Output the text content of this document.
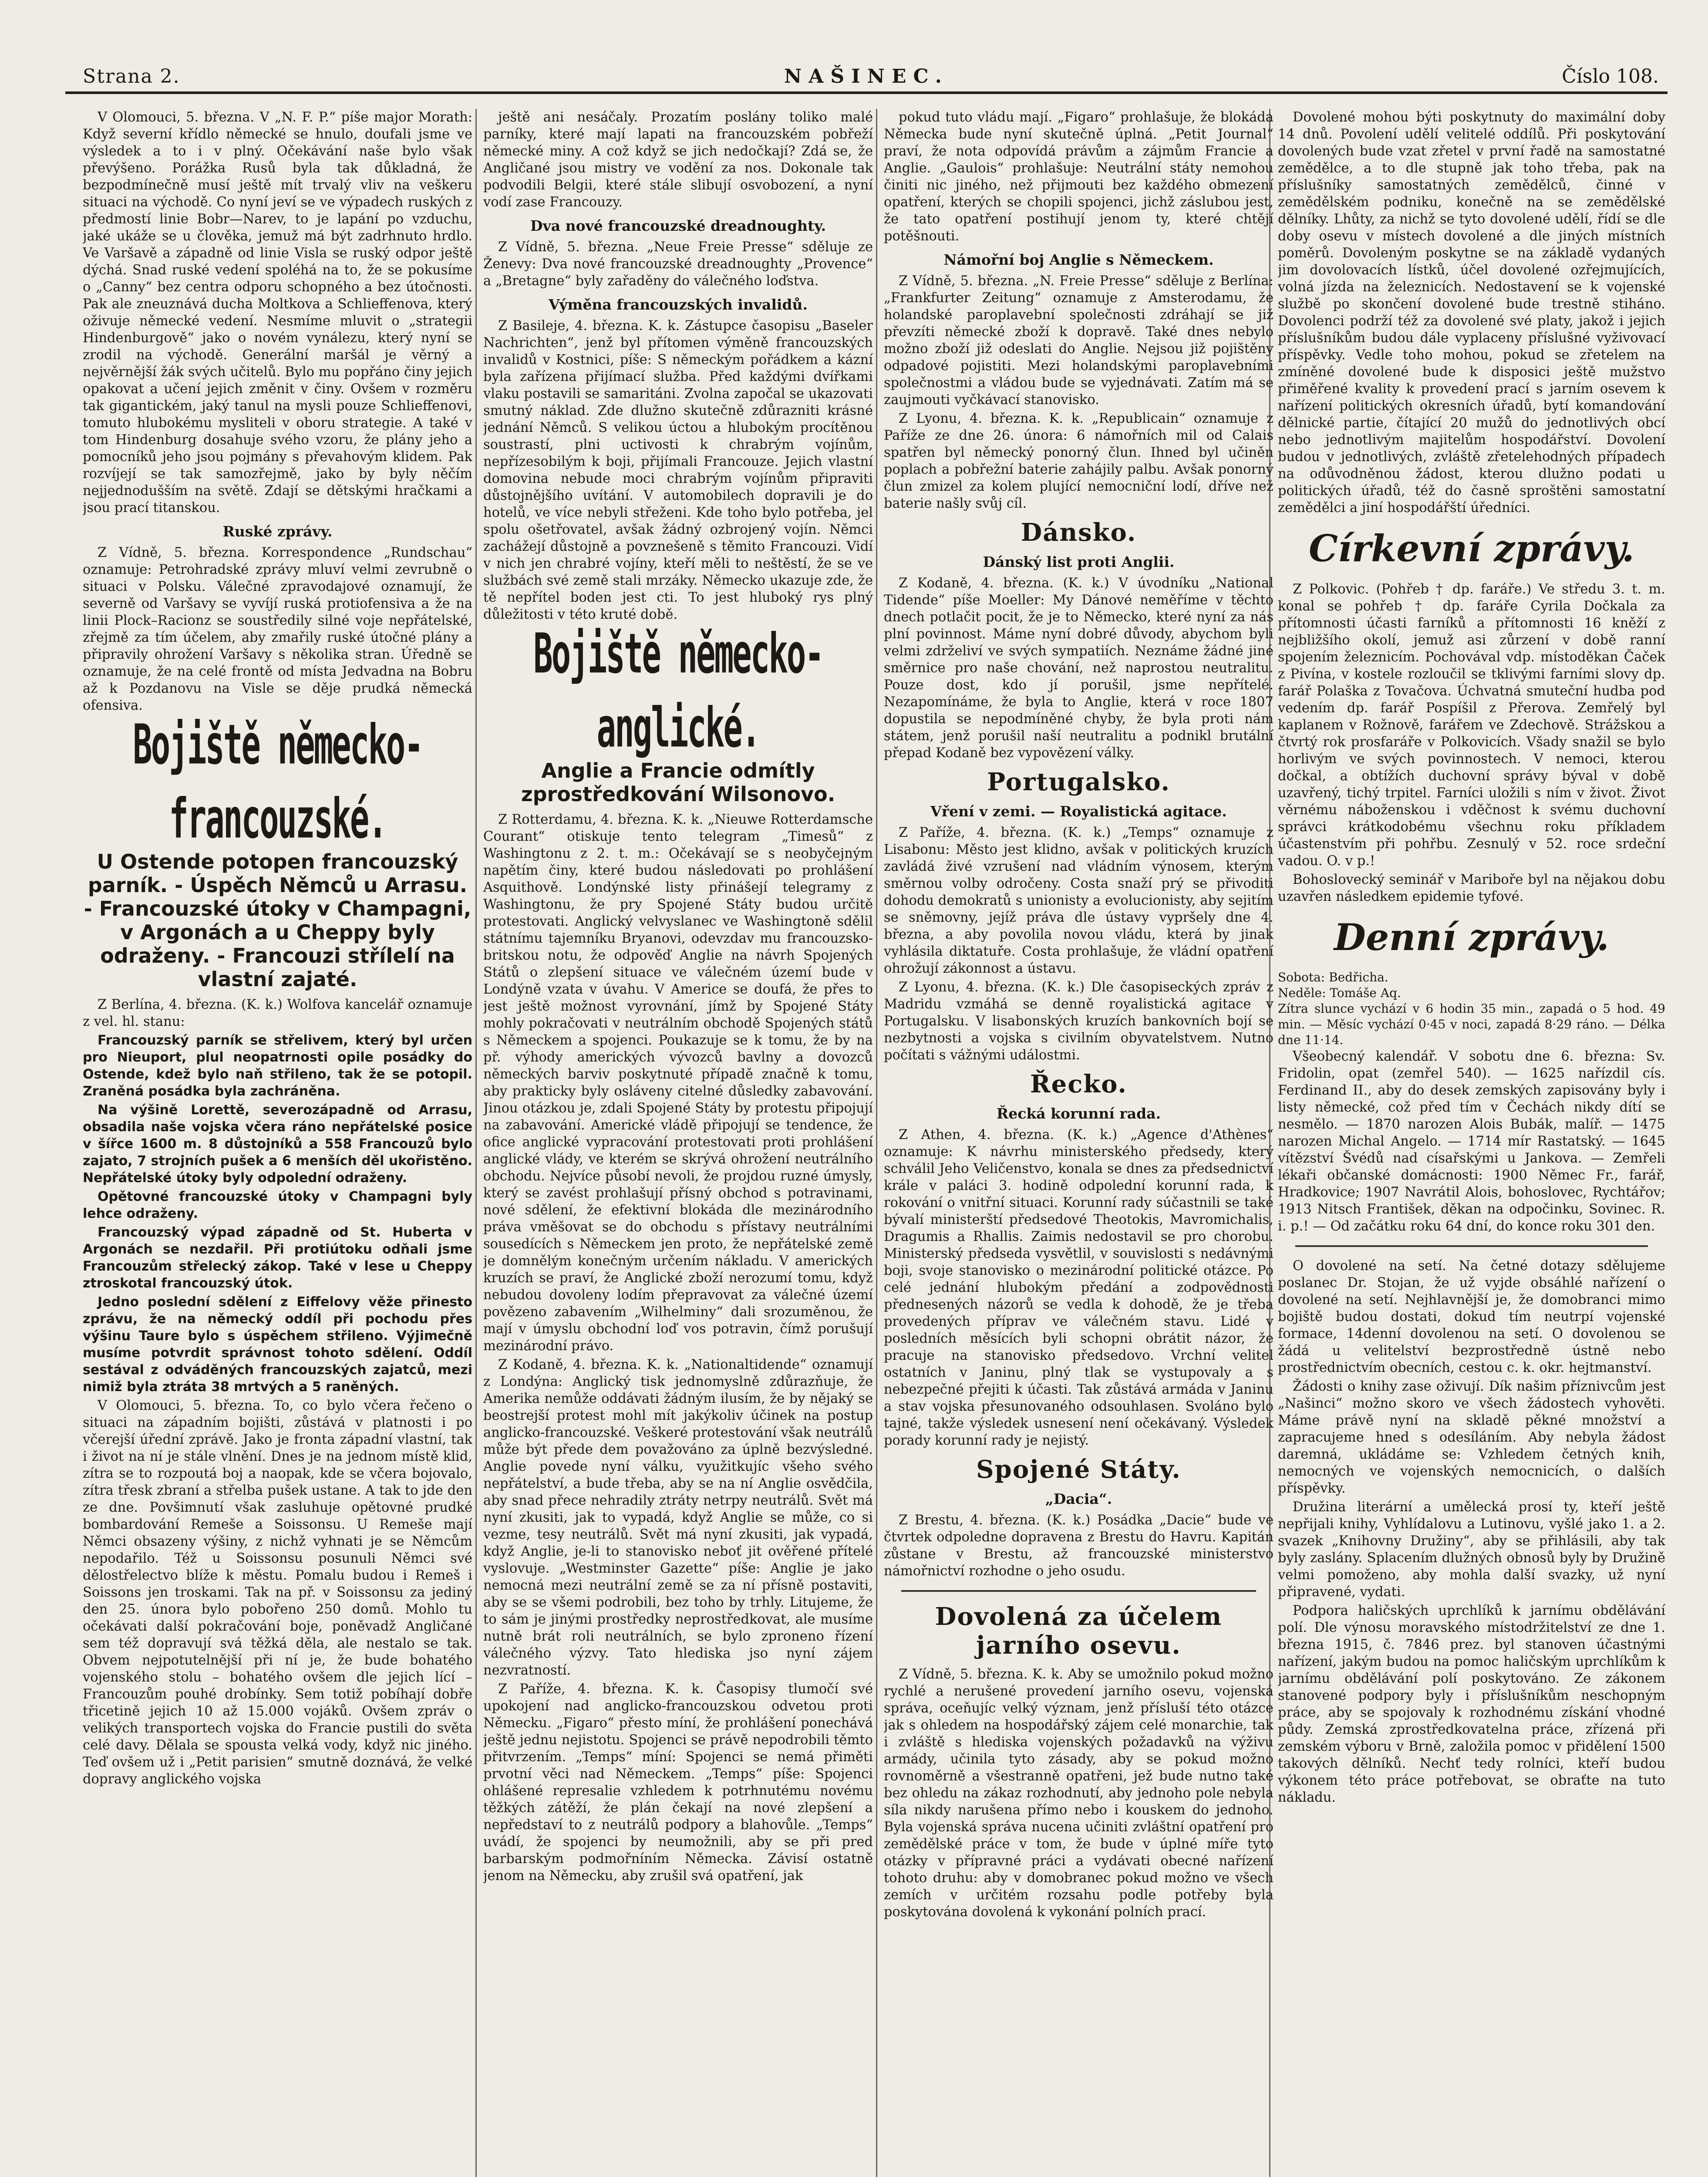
Strana 2.	NAŠINEC.	Číslo 108.

V Olomouci, 5. března. V „N. F. P.“ píše major Morath: Když severní křídlo německé se hnulo, doufali jsme ve výsledek a to i v plný. Očekávání naše bylo však převýšeno. Porážka Rusů byla tak důkladná, že bezpodmínečně musí ještě mít trvalý vliv na veškeru situaci na východě. Co nyní jeví se ve výpadech ruských z předmostí linie Bobr—Narev, to je lapání po vzduchu, jaké ukáže se u člověka, jemuž má být zadrhnuto hrdlo. Ve Varšavě a západně od linie Visla se ruský odpor ještě dýchá. Snad ruské vedení spoléhá na to, že se pokusíme o „Canny“ bez centra odporu schopného a bez útočnosti. Pak ale zneuznává ducha Moltkova a Schlieffenova, který oživuje německé vedení. Nesmíme mluvit o „strategii Hindenburgově“ jako o novém vynálezu, který nyní se zrodil na východě. Generální maršál je věrný a nejvěrnější žák svých učitelů. Bylo mu popřáno činy jejich opakovat a učení jejich změnit v činy. Ovšem v rozměru tak gigantickém, jaký tanul na mysli pouze Schlieffenovi, tomuto hlubokému mysliteli v oboru strategie. A také v tom Hindenburg dosahuje svého vzoru, že plány jeho a pomocníků jeho jsou pojmány s převahovým klidem. Pak rozvíjejí se tak samozřejmě, jako by byly něčím nejjednodušším na světě. Zdají se dětskými hračkami a jsou prací titanskou.

Ruské zprávy.

Z Vídně, 5. března. Korrespondence „Rundschau“ oznamuje: Petrohradské zprávy mluví velmi zevrubně o situaci v Polsku. Válečné zpravodajové oznamují, že severně od Varšavy se vyvíjí ruská protiofensiva a že na linii Plock–Racionz se soustředily silné voje nepřátelské, zřejmě za tím účelem, aby zmařily ruské útočné plány a připravily ohrožení Varšavy s několika stran. Úředně se oznamuje, že na celé frontě od místa Jedvadna na Bobru až k Pozdanovu na Visle se děje prudká německá ofensiva.

Bojiště německo-francouzské.
U Ostende potopen francouzský parník. - Úspěch Němců u Arrasu. - Francouzské útoky v Champagni, v Argonách a u Cheppy byly odraženy. - Francouzi střílelí na vlastní zajaté.

Z Berlína, 4. března. (K. k.) Wolfova kancelář oznamuje z vel. hl. stanu:

Francouzský parník se střelivem, který byl určen pro Nieuport, plul neopatrnosti opile posádky do Ostende, kdež bylo naň střileno, tak že se potopil. Zraněná posádka byla zachráněna.

Na výšině Lorettě, severozápadně od Arrasu, obsadila naše vojska včera ráno nepřátelské posice v šířce 1600 m. 8 důstojníků a 558 Francouzů bylo zajato, 7 strojních pušek a 6 menších děl ukořistěno. Nepřátelské útoky byly odpolední odraženy.

Opětovné francouzské útoky v Champagni byly lehce odraženy.

Francouzský výpad západně od St. Huberta v Argonách se nezdařil. Při protiútoku odňali jsme Francouzům střelecký zákop. Také v lese u Cheppy ztroskotal francouzský útok.

Jedno poslední sdělení z Eiffelovy věže přinesto zprávu, že na německý oddíl při pochodu přes výšinu Taure bylo s úspěchem střileno. Výjimečně musíme potvrdit správnost tohoto sdělení. Oddíl sestával z odváděných francouzských zajatců, mezi nimiž byla ztráta 38 mrtvých a 5 raněných.

V Olomouci, 5. března. To, co bylo včera řečeno o situaci na západním bojišti, zůstává v platnosti i po včerejší úřední zprávě. Jako je fronta západní vlastní, tak i život na ní je stále vlnění. Dnes je na jednom místě klid, zítra se to rozpoutá boj a naopak, kde se včera bojovalo, zítra třesk zbraní a střelba pušek ustane. A tak to jde den ze dne. Povšimnutí však zasluhuje opětovné prudké bombardování Remeše a Soissonsu. U Remeše mají Němci obsazeny výšiny, z nichž vyhnati je se Němcům nepodařilo. Též u Soissonsu posunuli Němci své dělostřelectvo blíže k městu. Pomalu budou i Remeš i Soissons jen troskami. Tak na př. v Soissonsu za jediný den 25. února bylo pobořeno 250 domů. Mohlo tu očekávati další pokračování boje, poněvadž Angličané sem též dopravují svá těžká děla, ale nestalo se tak. Obvem nejpotutelnější při ní je, že bude bohatého vojenského stolu – bohatého ovšem dle jejich lící – Francouzům pouhé drobínky. Sem totiž pobíhají dobře třicetině jejich 10 až 15.000 vojáků. Ovšem zpráv o velikých transportech vojska do Francie pustili do světa celé davy. Dělala se spousta velká vody, když nic jiného. Teď ovšem už i „Petit parisien“ smutně doznává, že velké dopravy anglického vojska

ještě ani nesáčaly. Prozatím poslány toliko malé parníky, které mají lapati na francouzském pobřeží německé miny. A což když se jich nedočkají? Zdá se, že Angličané jsou mistry ve vodění za nos. Dokonale tak podvodili Belgii, které stále slibují osvobození, a nyní vodí zase Francouzy.

Dva nové francouzské dreadnoughty.

Z Vídně, 5. března. „Neue Freie Presse“ sděluje ze Ženevy: Dva nové francouzské dreadnoughty „Provence“ a „Bretagne“ byly zařaděny do válečného loďstva.

Výměna francouzských invalidů.

Z Basileje, 4. března. K. k. Zástupce časopisu „Baseler Nachrichten“, jenž byl přítomen výměně francouzských invalidů v Kostnici, píše: S německým pořádkem a kázní byla zařízena přijímací služba. Před každými dvířkami vlaku postavili se samaritáni. Zvolna započal se ukazovati smutný náklad. Zde dlužno skutečně zdůrazniti krásné jednání Němců. S velikou úctou a hlubokým procítěnou soustrastí, plni uctivosti k chrabrým vojínům, nepřízesobilým k boji, přijímali Francouze. Jejich vlastní domovina nebude moci chrabrým vojínům připraviti důstojnějšího uvítání. V automobilech dopravili je do hotelů, ve více nebyli střeženi. Kde toho bylo potřeba, jel spolu ošetřovatel, avšak žádný ozbrojený vojín. Němci zachážejí důstojně a povznešeně s těmito Francouzi. Vidí v nich jen chrabré vojíny, kteří měli to neštěstí, že se ve službách své země stali mrzáky. Německo ukazuje zde, že tě nepřítel boden jest cti. To jest hluboký rys plný důležitosti v této kruté době.

Bojiště německo-anglické.
Anglie a Francie odmítly zprostředkování Wilsonovo.

Z Rotterdamu, 4. března. K. k. „Nieuwe Rotterdamsche Courant“ otiskuje tento telegram „Timesů“ z Washingtonu z 2. t. m.: Očekávají se s neobyčejným napětím činy, které budou následovati po prohlášení Asquithově. Londýnské listy přinášejí telegramy z Washingtonu, že pry Spojené Státy budou určitě protestovati. Anglický velvyslanec ve Washingtoně sdělil státnímu tajemníku Bryanovi, odevzdav mu francouzsko-britskou notu, že odpověď Anglie na návrh Spojených Států o zlepšení situace ve válečném území bude v Londýně vzata v úvahu. V Americe se doufá, že přes to jest ještě možnost vyrovnání, jímž by Spojené Státy mohly pokračovati v neutrálním obchodě Spojených států s Německem a spojenci. Poukazuje se k tomu, že by na př. výhody amerických vývozců bavlny a dovozců německých barviv poskytnuté případě značně k tomu, aby prakticky byly osláveny citelné důsledky zabavování. Jinou otázkou je, zdali Spojené Státy by protestu připojují na zabavování. Americké vládě připojují se tendence, že ofice anglické vypracování protestovati proti prohlášení anglické vlády, ve kterém se skrývá ohrožení neutrálního obchodu. Nejvíce působí nevoli, že projdou ruzné úmysly, který se zavést prohlašují přísný obchod s potravinami, nové sdělení, že efektivní blokáda dle mezinárodního práva vměšovat se do obchodu s přístavy neutrálními sousedících s Německem jen proto, že nepřátelské země je domnělým konečným určením nákladu. V amerických kruzích se praví, že Anglické zboží nerozumí tomu, když nebudou dovoleny lodím přepravovat za válečné území povězeno zabavením „Wilhelminy“ dali srozuměnou, že mají v úmyslu obchodní loď vos potravin, čímž porušují mezinárodní právo.

Z Kodaně, 4. března. K. k. „Nationaltidende“ oznamují z Londýna: Anglický tisk jednomyslně zdůrazňuje, že Amerika nemůže oddávati žádným ilusím, že by nějaký se beostrejší protest mohl mít jakýkoliv účinek na postup anglicko-francouzské. Veškeré protestování však neutrálů může být přede dem považováno za úplně bezvýsledné. Anglie povede nyní válku, využitkujíc všeho svého nepřátelství, a bude třeba, aby se na ní Anglie osvědčila, aby snad přece nehradily ztráty netrpy neutrálů. Svět má nyní zkusiti, jak to vypadá, když Anglie se může, co si vezme, tesy neutrálů. Svět má nyní zkusiti, jak vypadá, když Anglie, je-li to stanovisko neboť jit ověřené přítelé vyslovuje. „Westminster Gazette“ píše: Anglie je jako nemocná mezi neutrální země se za ní přísně postaviti, aby se se všemi podrobili, bez toho by trhly. Litujeme, že to sám je jinými prostředky neprostředkovat, ale musíme nutně brát roli neutrálních, se bylo zproneno řízení válečného výzvy. Tato hlediska jso nyní zájem nezvratností.

Z Paříže, 4. března. K. k. Časopisy tlumočí své upokojení nad anglicko-francouzskou odvetou proti Německu. „Figaro“ přesto míní, že prohlášení ponechává ještě jednu nejistotu. Spojenci se právě nepodrobili těmto přitvrzením. „Temps“ míní: Spojenci se nemá přiměti prvotní věci nad Německem. „Temps“ píše: Spojenci ohlášené represalie vzhledem k potrhnutému novému těžkých zátěží, že plán čekají na nové zlepšení a nepředstaví to z neutrálů podpory a blahovůle. „Temps“ uvádí, že spojenci by neumožnili, aby se při pred barbarským podmořníním Německa. Závisí ostatně jenom na Německu, aby zrušil svá opatření, jak

pokud tuto vládu mají. „Figaro“ prohlašuje, že blokáda Německa bude nyní skutečně úplná. „Petit Journal“ praví, že nota odpovídá právům a zájmům Francie a Anglie. „Gaulois“ prohlašuje: Neutrální státy nemohou činiti nic jiného, než přijmouti bez každého obmezení opatření, kterých se chopili spojenci, jichž záslubou jest, že tato opatření postihují jenom ty, které chtějí potěšnouti.

Námořní boj Anglie s Německem.

Z Vídně, 5. března. „N. Freie Presse“ sděluje z Berlína: „Frankfurter Zeitung“ oznamuje z Amsterodamu, že holandské paroplavební společnosti zdráhají se již převzíti německé zboží k dopravě. Také dnes nebylo možno zboží již odeslati do Anglie. Nejsou již pojištěny odpadové pojistiti. Mezi holandskými paroplavebními společnostmi a vládou bude se vyjednávati. Zatím má se zaujmouti vyčkávací stanovisko.

Z Lyonu, 4. března. K. k. „Republicain“ oznamuje z Paříže ze dne 26. února: 6 námořních mil od Calais spatřen byl německý ponorný člun. Ihned byl učiněn poplach a pobřežní baterie zahájily palbu. Avšak ponorný člun zmizel za kolem plující nemocniční lodí, dříve než baterie našly svůj cíl.

Dánsko.
Dánský list proti Anglii.

Z Kodaně, 4. března. (K. k.) V úvodníku „National Tidende“ píše Moeller: My Dánové neměříme v těchto dnech potlačit pocit, že je to Německo, které nyní za nás plní povinnost. Máme nyní dobré důvody, abychom byli velmi zdrželiví ve svých sympatiích. Neznáme žádné jiné směrnice pro naše chování, než naprostou neutralitu. Pouze dost, kdo jí porušil, jsme nepřítelé. Nezapomínáme, že byla to Anglie, která v roce 1807 dopustila se nepodmíněné chyby, že byla proti nám státem, jenž porušil naší neutralitu a podnikl brutální přepad Kodaně bez vypovězení války.

Portugalsko.
Vření v zemi. — Royalistická agitace.

Z Paříže, 4. března. (K. k.) „Temps“ oznamuje z Lisabonu: Město jest klidno, avšak v politických kruzích zavládá živé vzrušení nad vládním výnosem, kterým směrnou volby odročeny. Costa snaží prý se přivoditi dohodu demokratů s unionisty a evolucionisty, aby sejitím se sněmovny, jejíž práva dle ústavy vypršely dne 4. března, a aby povolila novou vládu, která by jinak vyhlásila diktatuře. Costa prohlašuje, že vládní opatření ohrožují zákonnost a ústavu.

Z Lyonu, 4. března. (K. k.) Dle časopiseckých zpráv z Madridu vzmáhá se denně royalistická agitace v Portugalsku. V lisabonských kruzích bankovních bojí se nezbytnosti a vojska s civilním obyvatelstvem. Nutno počítati s vážnými událostmi.

Řecko.
Řecká korunní rada.

Z Athen, 4. března. (K. k.) „Agence d'Athènes“ oznamuje: K návrhu ministerského předsedy, který schválil Jeho Veličenstvo, konala se dnes za předsednictví krále v paláci 3. hodině odpolední korunní rada, k rokování o vnitřní situaci. Korunní rady súčastnili se také bývalí ministerští předsedové Theotokis, Mavromichalis, Dragumis a Rhallis. Zaimis nedostavil se pro chorobu. Ministerský předseda vysvětlil, v souvislosti s nedávnými boji, svoje stanovisko o mezinárodní politické otázce. Po celé jednání hlubokým předání a zodpovědnosti přednesených názorů se vedla k dohodě, že je třeba provedených příprav ve válečném stavu. Lidé v posledních měsících byli schopni obrátit názor, že pracuje na stanovisko předsedovo. Vrchní velitel ostatních v Janinu, plný tlak se vystupovaly a s nebezpečné přejiti k účasti. Tak zůstává armáda v Janinu a stav vojska přesunovaného odsouhlasen. Svoláno bylo tajné, takže výsledek usnesení není očekávaný. Výsledek porady korunní rady je nejistý.

Spojené Státy.
„Dacia“.

Z Brestu, 4. března. (K. k.) Posádka „Dacie“ bude ve čtvrtek odpoledne dopravena z Brestu do Havru. Kapitán zůstane v Brestu, až francouzské ministerstvo námořnictví rozhodne o jeho osudu.

Dovolená za účelem jarního osevu.

Z Vídně, 5. března. K. k. Aby se umožnilo pokud možno rychlé a nerušené provedení jarního osevu, vojenská správa, oceňujíc velký význam, jenž přísluší této otázce jak s ohledem na hospodářský zájem celé monarchie, tak i zvláště s hlediska vojenských požadavků na výživu armády, učinila tyto zásady, aby se pokud možno rovnoměrně a všestranně opatřeni, jež bude nutno také bez ohledu na zákaz rozhodnutí, aby jednoho pole nebyla síla nikdy narušena přímo nebo i kouskem do jednoho. Byla vojenská správa nucena učiniti zvláštní opatření pro zemědělské práce v tom, že bude v úplné míře tyto otázky v přípravné práci a vydávati obecné nařízení tohoto druhu: aby v domobranec pokud možno ve všech zemích v určitém rozsahu podle potřeby byla poskytována dovolená k vykonání polních prací.

Dovolené mohou býti poskytnuty do maximální doby 14 dnů. Povolení udělí velitelé oddílů. Při poskytování dovolených bude vzat zřetel v první řadě na samostatné zemědělce, a to dle stupně jak toho třeba, pak na příslušníky samostatných zemědělců, činné v zemědělském podniku, konečně na se zemědělské dělníky. Lhůty, za nichž se tyto dovolené udělí, řídí se dle doby osevu v místech dovolené a dle jiných místních poměrů. Dovoleným poskytne se na základě vydaných jim dovolovacích lístků, účel dovolené ozřejmujících, volná jízda na železnicích. Nedostavení se k vojenské službě po skončení dovolené bude trestně stiháno. Dovolenci podrží též za dovolené své platy, jakož i jejich příslušníkům budou dále vyplaceny příslušné vyživovací příspěvky. Vedle toho mohou, pokud se zřetelem na zmíněné dovolené bude k disposici ještě mužstvo přiměřené kvality k provedení prací s jarním osevem k nařízení politických okresních úřadů, bytí komandování dělnické partie, čítající 20 mužů do jednotlivých obcí nebo jednotlivým majitelům hospodářství. Dovolení budou v jednotlivých, zvláště zřetelehodných případech na odůvodněnou žádost, kterou dlužno podati u politických úřadů, též do časně sproštěni samostatní zemědělci a jiní hospodářští úředníci.

Církevní zprávy.

Z Polkovic. (Pohřeb † dp. faráře.) Ve středu 3. t. m. konal se pohřeb † dp. faráře Cyrila Dočkala za přítomnosti účasti farníků a přítomnosti 16 kněží z nejbližšího okolí, jemuž asi zůrzení v době ranní spojením železnicím. Pochovával vdp. místoděkan Čaček z Pivína, v kostele rozloučil se tklivými farními slovy dp. farář Polaška z Tovačova. Úchvatná smuteční hudba pod vedením dp. farář Pospíšil z Přerova. Zemřelý byl kaplanem v Rožnově, farářem ve Zdechově. Strážskou a čtvrtý rok prosfaráře v Polkovicích. Všady snažil se bylo horlivým ve svých povinnostech. V nemoci, kterou dočkal, a obtížích duchovní správy býval v době uzavřený, tichý trpitel. Farníci uložili s ním v život. Život věrnému náboženskou i vděčnost k svému duchovní správci krátkodobému všechnu roku příkladem účastenstvím při pohřbu. Zesnulý v 52. roce srdeční vadou. O. v p.!

Bohoslovecký seminář v Mariboře byl na nějakou dobu uzavřen následkem epidemie tyfové.

Denní zprávy.
Sobota: Bedřicha.
Neděle: Tomáše Aq.
Zítra slunce vychází v 6 hodin 35 min., zapadá o 5 hod. 49 min. — Měsíc vychází 0·45 v noci, zapadá 8·29 ráno. — Délka dne 11·14.

Všeobecný kalendář. V sobotu dne 6. března: Sv. Fridolin, opat (zemřel 540). — 1625 nařízdil cís. Ferdinand II., aby do desek zemských zapisovány byly i listy německé, což před tím v Čechách nikdy dítí se nesmělo. — 1870 narozen Alois Bubák, malíř. — 1475 narozen Michal Angelo. — 1714 mír Rastatský. — 1645 vítězství Švédů nad císařskými u Jankova. — Zemřeli lékaři občanské domácnosti: 1900 Němec Fr., farář, Hradkovice; 1907 Navrátil Alois, bohoslovec, Rychtářov; 1913 Nitsch František, děkan na odpočinku, Sovinec. R. i. p.! — Od začátku roku 64 dní, do konce roku 301 den.

O dovolené na setí. Na četné dotazy sdělujeme poslanec Dr. Stojan, že už vyjde obsáhlé nařízení o dovolené na setí. Nejhlavnější je, že domobranci mimo bojiště budou dostati, dokud tím neutrpí vojenské formace, 14denní dovolenou na setí. O dovolenou se žádá u velitelství bezprostředně ústně nebo prostřednictvím obecních, cestou c. k. okr. hejtmanství.

Žádosti o knihy zase oživují. Dík našim příznivcům jest „Našinci“ možno skoro ve všech žádostech vyhověti. Máme právě nyní na skladě pěkné množství a zapracujeme hned s odesíláním. Aby nebyla žádost daremná, ukládáme se: Vzhledem četných knih, nemocných ve vojenských nemocnicích, o dalších příspěvky.

Družina literární a umělecká prosí ty, kteří ještě nepřijali knihy, Vyhlídalovu a Lutinovu, vyšlé jako 1. a 2. svazek „Knihovny Družiny“, aby se přihlásili, aby tak byly zaslány. Splacením dlužných obnosů byly by Družině velmi pomoženo, aby mohla další svazky, už nyní připravené, vydati.

Podpora haličských uprchlíků k jarnímu obdělávání polí. Dle výnosu moravského místodržitelství ze dne 1. března 1915, č. 7846 prez. byl stanoven účastnými nařízení, jakým budou na pomoc haličským uprchlíkům k jarnímu obdělávání polí poskytováno. Ze zákonem stanovené podpory byly i příslušníkům neschopným práce, aby se spojovaly k rozhodnému získání vhodné půdy. Zemská zprostředkovatelna práce, zřízená při zemském výboru v Brně, založila pomoc v přidělení 1500 takových dělníků. Nechť tedy rolníci, kteří budou výkonem této práce potřebovat, se obraťte na tuto nákladu.
